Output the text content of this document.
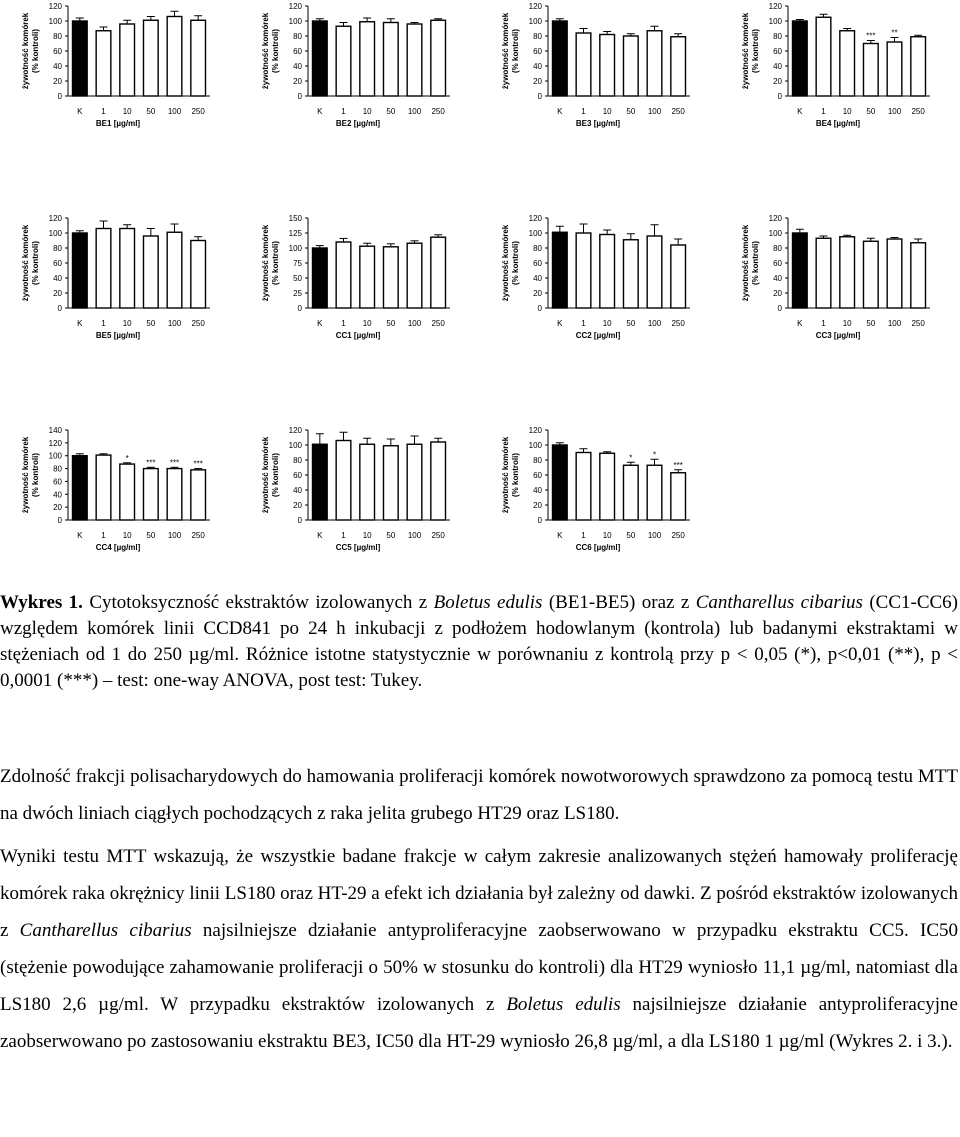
żywotność komórek (% kontroli)
0
20
40
60
80
100
120
K 1 10 50 100 250
BE1 [µg/ml]
żywotność komórek (% kontroli)
0
20
40
60
80
100
120
K 1 10 50 100 250
BE2 [µg/ml]
żywotność komórek (% kontroli)
0
20
40
60
80
100
120
K 1 10 50 100 250
BE3 [µg/ml]
żywotność komórek (% kontroli)
0
20
40
60
80
100
120
K 1 10 50 100 250
*** **
BE4 [µg/ml]
żywotność komórek (% kontroli)
0
20
40
60
80
100
120
K 1 10 50 100 250
BE5 [µg/ml]
żywotność komórek (% kontroli)
0
25
50
75
100
125
150
K 1 10 50 100 250
CC1 [µg/ml]
żywotność komórek (% kontroli)
0
20
40
60
80
100
120
K 1 10 50 100 250
CC2 [µg/ml]
żywotność komórek (% kontroli)
0
20
40
60
80
100
120
K 1 10 50 100 250
CC3 [µg/ml]
żywotność komórek (% kontroli)
0
20
40
60
80
100
120
140
K 1 10 50 100 250
* *** *** ***
CC4 [µg/ml]
żywotność komórek (% kontroli)
0
20
40
60
80
100
120
K 1 10 50 100 250
CC5 [µg/ml]
żywotność komórek (% kontroli)
0
20
40
60
80
100
120
K 1 10 50 100 250
*	*
***
CC6 [µg/ml]
Wykres 1. Cytotoksyczność ekstraktów izolowanych z Boletus edulis (BE1-BE5) oraz z Cantharellus cibarius (CC1-CC6) względem komórek linii CCD841 po 24 h inkubacji z podłożem hodowlanym (kontrola) lub badanymi ekstraktami w stężeniach od 1 do 250 µg/ml. Różnice istotne statystycznie w porównaniu z kontrolą przy p < 0,05 (*), p<0,01 (**), p < 0,0001 (***) – test: one-way ANOVA, post test: Tukey.

Zdolność frakcji polisacharydowych do hamowania proliferacji komórek nowotworowych sprawdzono za pomocą testu MTT na dwóch liniach ciągłych pochodzących z raka jelita grubego HT29 oraz LS180.

Wyniki testu MTT wskazują, że wszystkie badane frakcje w całym zakresie analizowanych stężeń hamowały proliferację komórek raka okrężnicy linii LS180 oraz HT-29 a efekt ich działania był zależny od dawki. Z pośród ekstraktów izolowanych z Cantharellus cibarius najsilniejsze działanie antyproliferacyjne zaobserwowano w przypadku ekstraktu CC5. IC50 (stężenie powodujące zahamowanie proliferacji o 50% w stosunku do kontroli) dla HT29 wyniosło 11,1 µg/ml, natomiast dla LS180 2,6 µg/ml. W przypadku ekstraktów izolowanych z Boletus edulis najsilniejsze działanie antyproliferacyjne zaobserwowano po zastosowaniu ekstraktu BE3, IC50 dla HT-29 wyniosło 26,8 µg/ml, a dla LS180 1 µg/ml (Wykres 2. i 3.).
